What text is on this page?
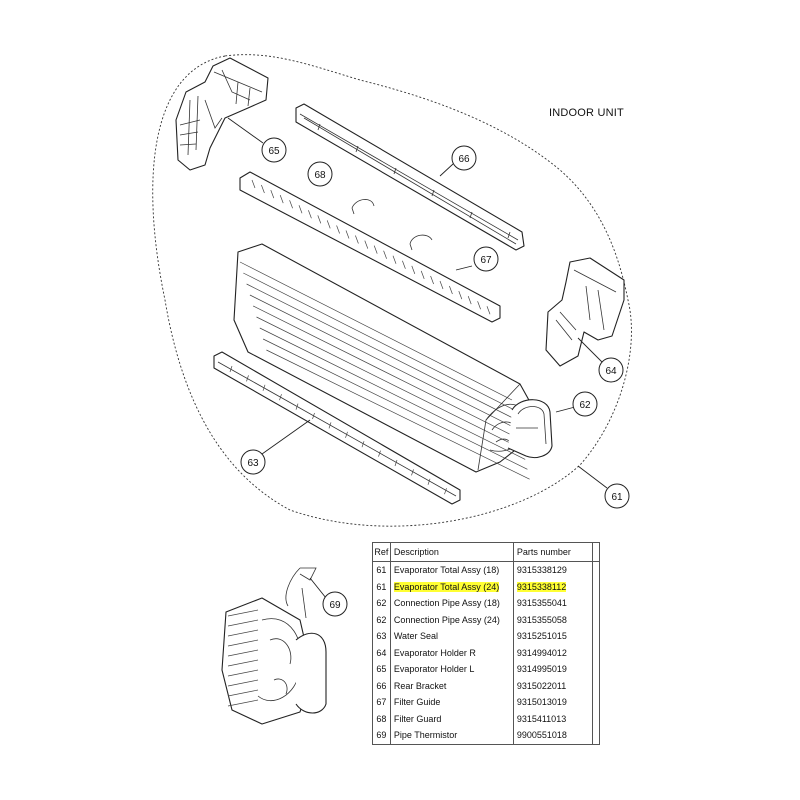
65
66
68
67
64
62
63
61
69
INDOOR UNIT
Ref	Description	Parts number	
61	Evaporator Total Assy (18)	9315338129	
61	Evaporator Total Assy (24)	9315338112	
62	Connection Pipe Assy (18)	9315355041	
62	Connection Pipe Assy (24)	9315355058	
63	Water Seal	9315251015	
64	Evaporator Holder R	9314994012	
65	Evaporator Holder L	9314995019	
66	Rear Bracket	9315022011	
67	Filter Guide	9315013019	
68	Filter Guard	9315411013	
69	Pipe Thermistor	9900551018	
